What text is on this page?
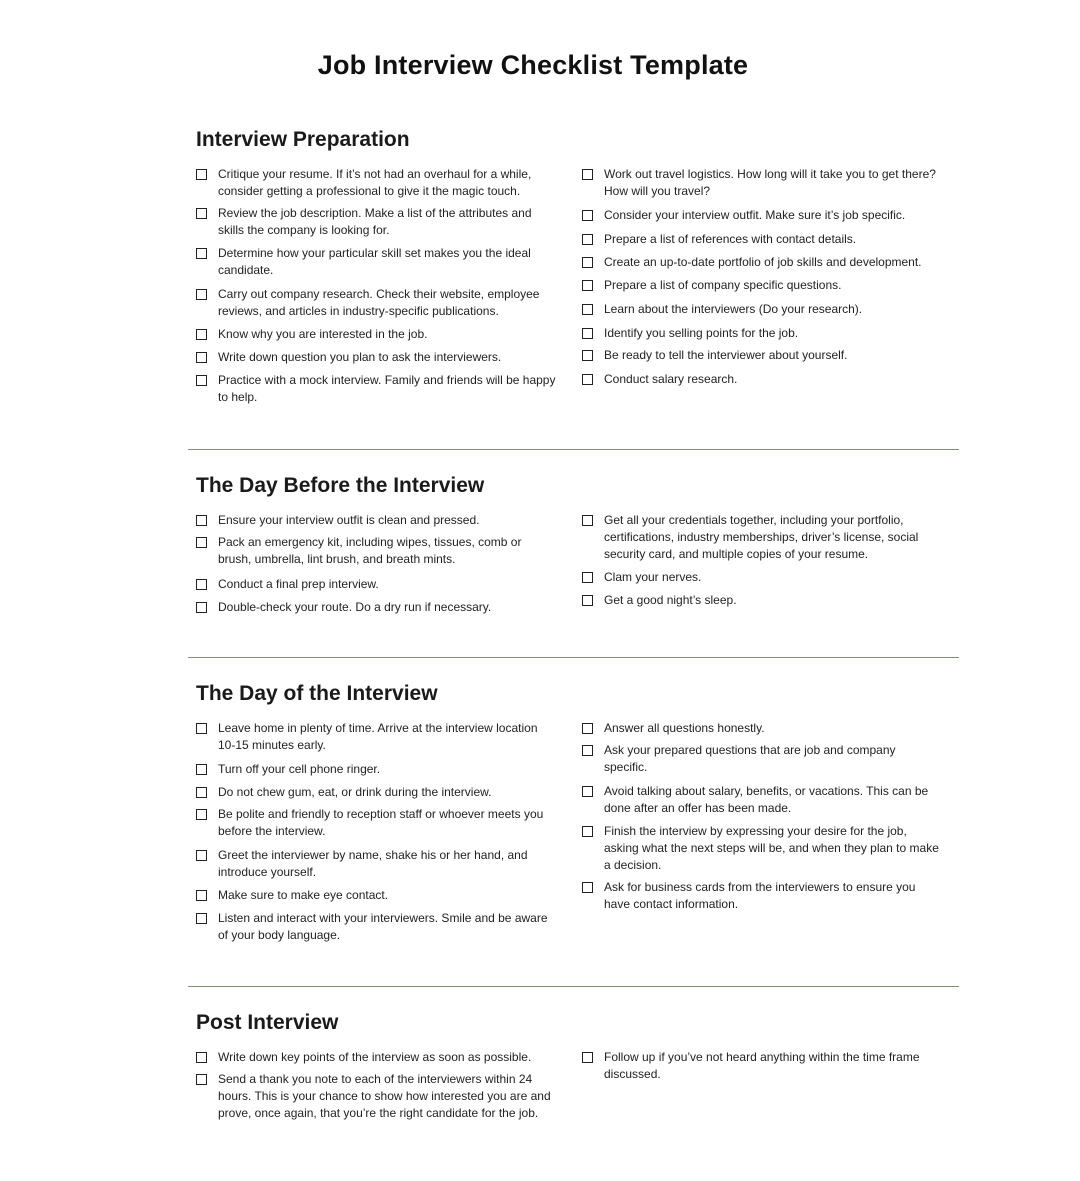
Job Interview Checklist Template
Interview Preparation
Critique your resume. If it’s not had an overhaul for a while, consider getting a professional to give it the magic touch.
Review the job description. Make a list of the attributes and skills the company is looking for.
Determine how your particular skill set makes you the ideal candidate.
Carry out company research. Check their website, employee reviews, and articles in industry-specific publications.
Know why you are interested in the job.
Write down question you plan to ask the interviewers.
Practice with a mock interview. Family and friends will be happy to help.
Work out travel logistics. How long will it take you to get there? How will you travel?
Consider your interview outfit. Make sure it’s job specific.
Prepare a list of references with contact details.
Create an up-to-date portfolio of job skills and development.
Prepare a list of company specific questions.
Learn about the interviewers (Do your research).
Identify you selling points for the job.
Be ready to tell the interviewer about yourself.
Conduct salary research.
The Day Before the Interview
Ensure your interview outfit is clean and pressed.
Pack an emergency kit, including wipes, tissues, comb or brush, umbrella, lint brush, and breath mints.
Conduct a final prep interview.
Double-check your route. Do a dry run if necessary.
Get all your credentials together, including your portfolio, certifications, industry memberships, driver’s license, social security card, and multiple copies of your resume.
Clam your nerves.
Get a good night’s sleep.
The Day of the Interview
Leave home in plenty of time. Arrive at the interview location 10-15 minutes early.
Turn off your cell phone ringer.
Do not chew gum, eat, or drink during the interview.
Be polite and friendly to reception staff or whoever meets you before the interview.
Greet the interviewer by name, shake his or her hand, and introduce yourself.
Make sure to make eye contact.
Listen and interact with your interviewers. Smile and be aware of your body language.
Answer all questions honestly.
Ask your prepared questions that are job and company specific.
Avoid talking about salary, benefits, or vacations. This can be done after an offer has been made.
Finish the interview by expressing your desire for the job, asking what the next steps will be, and when they plan to make a decision.
Ask for business cards from the interviewers to ensure you have contact information.
Post Interview
Write down key points of the interview as soon as possible.
Send a thank you note to each of the interviewers within 24 hours. This is your chance to show how interested you are and prove, once again, that you’re the right candidate for the job.
Follow up if you’ve not heard anything within the time frame discussed.
